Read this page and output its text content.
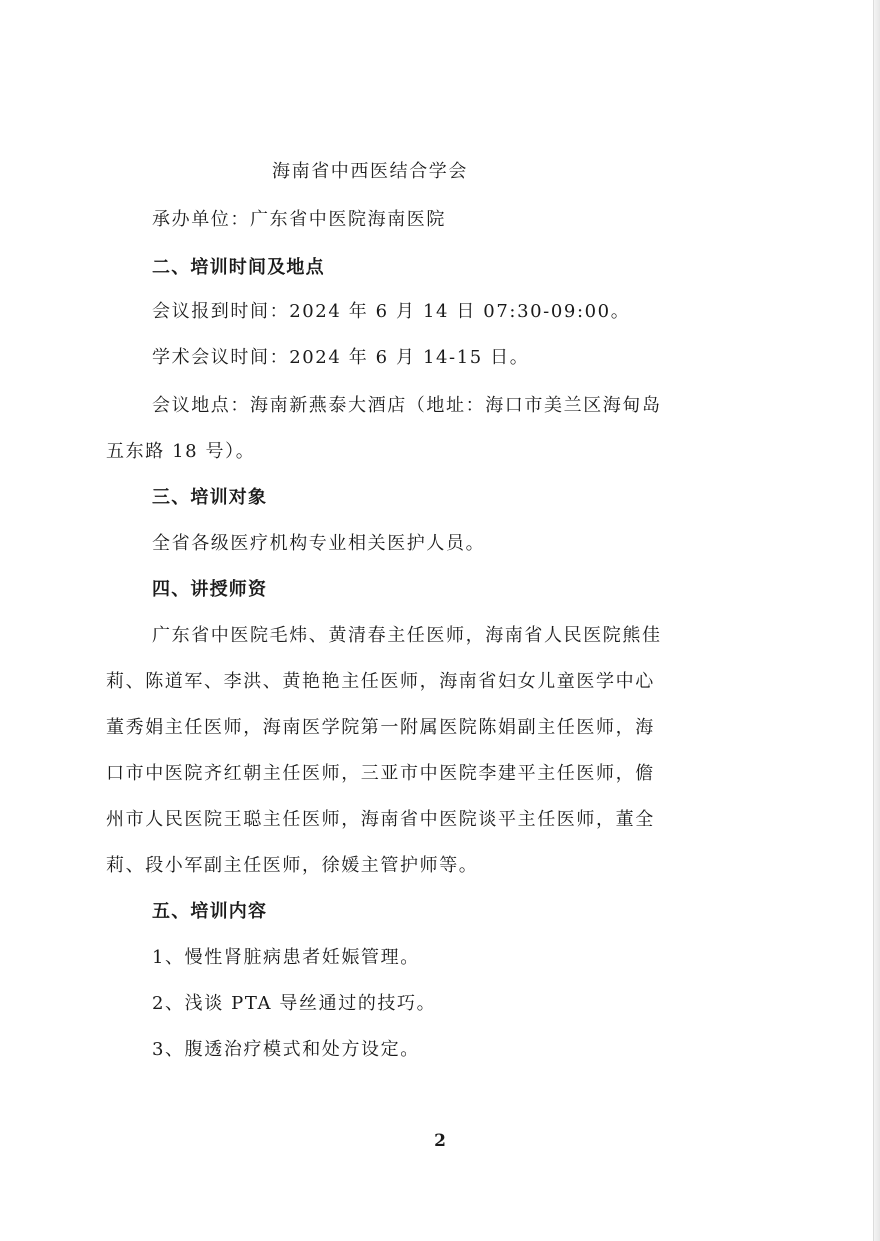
海南省中西医结合学会
承办单位：广东省中医院海南医院
二、培训时间及地点
会议报到时间：2024 年 6 月 14 日 07:30-09:00。
学术会议时间：2024 年 6 月 14-15 日。
会议地点：海南新燕泰大酒店（地址：海口市美兰区海甸岛
五东路 18 号）。
三、培训对象
全省各级医疗机构专业相关医护人员。
四、讲授师资
广东省中医院毛炜、黄清春主任医师，海南省人民医院熊佳
莉、陈道军、李洪、黄艳艳主任医师，海南省妇女儿童医学中心
董秀娟主任医师，海南医学院第一附属医院陈娟副主任医师，海
口市中医院齐红朝主任医师，三亚市中医院李建平主任医师，儋
州市人民医院王聪主任医师，海南省中医院谈平主任医师，董全
莉、段小军副主任医师，徐媛主管护师等。
五、培训内容
1、慢性肾脏病患者妊娠管理。
2、浅谈 PTA 导丝通过的技巧。
3、腹透治疗模式和处方设定。
2
